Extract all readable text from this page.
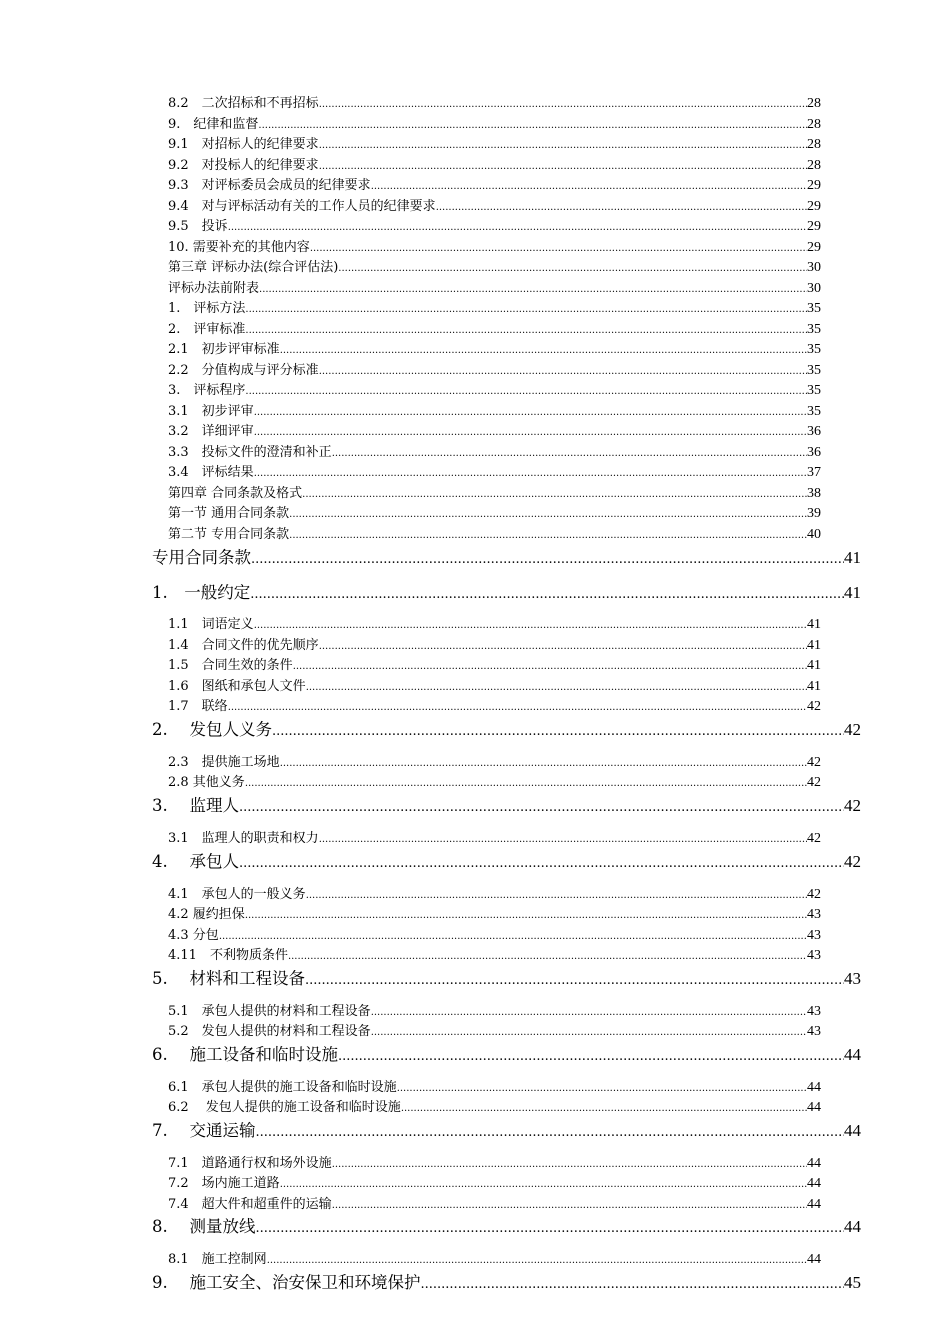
8.2　二次招标和不再招标 .....	28
9.　纪律和监督 .....	28
9.1　对招标人的纪律要求 .....	28
9.2　对投标人的纪律要求 .....	28
9.3　对评标委员会成员的纪律要求 .....	29
9.4　对与评标活动有关的工作人员的纪律要求 .....	29
9.5　投诉 .....	29
10. 需要补充的其他内容 .....	29
第三章 评标办法(综合评估法) .....	30
评标办法前附表 .....	30
1.　评标方法 .....	35
2.　评审标准 .....	35
2.1　初步评审标准 .....	35
2.2　分值构成与评分标准 .....	35
3.　评标程序 .....	35
3.1　初步评审 .....	35
3.2　详细评审 .....	36
3.3　投标文件的澄清和补正 .....	36
3.4　评标结果 .....	37
第四章 合同条款及格式 .....	38
第一节 通用合同条款 .....	39
第二节 专用合同条款 .....	40
专用合同条款 .....	41
1.　一般约定 .....	41
1.1　词语定义 .....	41
1.4　合同文件的优先顺序 .....	41
1.5　合同生效的条件 .....	41
1.6　图纸和承包人文件 .....	41
1.7　联络 .....	42
2.　 发包人义务 .....	42
2.3　提供施工场地 .....	42
2.8 其他义务 .....	42
3.　 监理人 .....	42
3.1　监理人的职责和权力 .....	42
4.　 承包人 .....	42
4.1　承包人的一般义务 .....	42
4.2 履约担保 .....	43
4.3 分包 .....	43
4.11　不利物质条件 .....	43
5.　 材料和工程设备 .....	43
5.1　承包人提供的材料和工程设备 .....	43
5.2　发包人提供的材料和工程设备 .....	43
6.　 施工设备和临时设施 .....	44
6.1　承包人提供的施工设备和临时设施 .....	44
6.2　 发包人提供的施工设备和临时设施 .....	44
7.　 交通运输 .....	44
7.1　道路通行权和场外设施 .....	44
7.2　场内施工道路 .....	44
7.4　超大件和超重件的运输 .....	44
8.　 测量放线 .....	44
8.1　施工控制网 .....	44
9.　 施工安全、治安保卫和环境保护 .....	45
